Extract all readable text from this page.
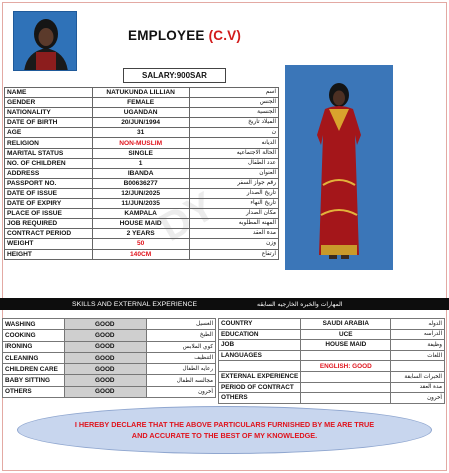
EMPLOYEE (C.V)
SALARY:900SAR
DY
NAME	NATUKUNDA LILLIAN	اسم
GENDER	FEMALE	الجنس
NATIONALITY	UGANDAN	الجنسية
DATE OF BIRTH	20/JUN/1994	الميلاد تاريخ
AGE	31	ن
RELIGION	NON-MUSLIM	الديانه
MARITAL STATUS	SINGLE	الحالة الاجتماعيه
NO. OF CHILDREN	1	عدد الطفال
ADDRESS	IBANDA	العنوان
PASSPORT NO.	B00636277	رقم جواز السفر
DATE OF ISSUE	12/JUN/2025	تاريخ الصدار
DATE OF EXPIRY	11/JUN/2035	تاريخ النهاء
PLACE OF ISSUE	KAMPALA	مكان الصدار
JOB REQUIRED	HOUSE MAID	المهنه المطلوبه
CONTRACT PERIOD	2 YEARS	مدة العقد
WEIGHT	50	وزن
HEIGHT	140CM	ارتفاع
SKILLS AND EXTERNAL EXPERIENCE	المهارات والخبره الخارجيه السابقه
WASHING	GOOD	الغسيل
COOKING	GOOD	الطبخ
IRONING	GOOD	كوي الملابس
CLEANING	GOOD	التنظيف
CHILDREN CARE	GOOD	رعايه الطفال
BABY SITTING	GOOD	مجالسه الطفال
OTHERS	GOOD	أخرون
COUNTRY	SAUDI ARABIA	الدوله
EDUCATION	UCE	الدراسه
JOB	HOUSE MAID	وظيفة
LANGUAGES		اللغات
	ENGLISH: GOOD	
EXTERNAL EXPERIENCE		الخبرات السابقة
PERIOD OF CONTRACT		مدة العقد
OTHERS		أخرون
I HEREBY DECLARE THAT THE ABOVE PARTICULARS FURNISHED BY ME ARE TRUE AND ACCURATE TO THE BEST OF MY KNOWLEDGE.
